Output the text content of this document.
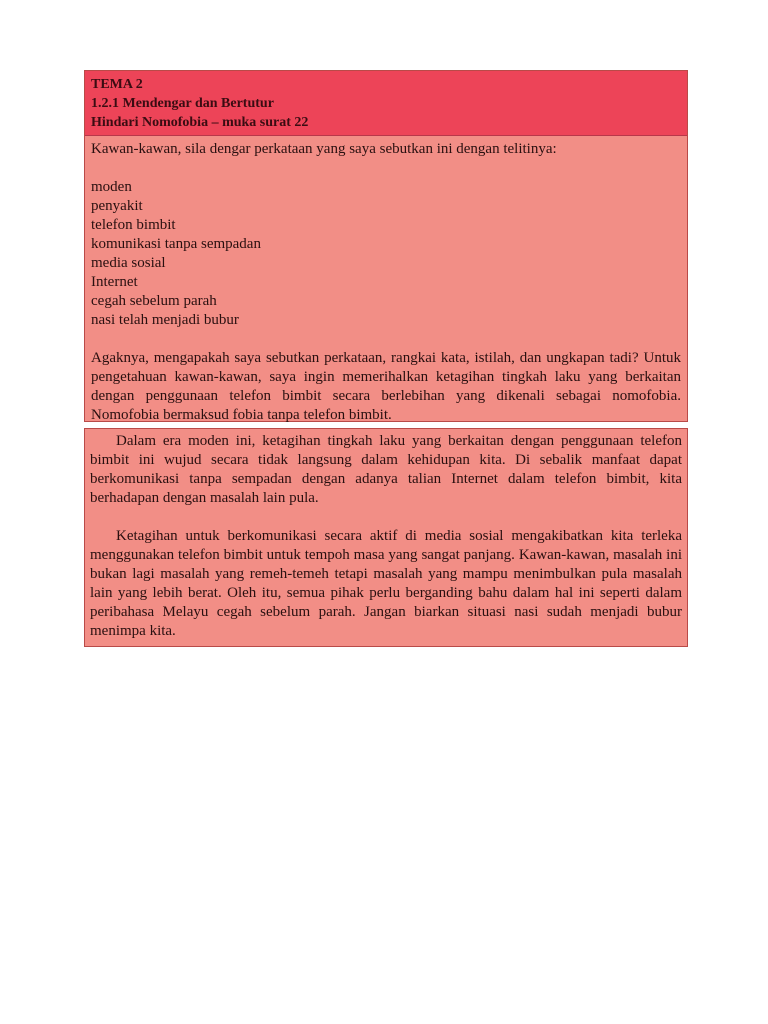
TEMA 2
1.2.1 Mendengar dan Bertutur
Hindari Nomofobia – muka surat 22

Kawan-kawan, sila dengar perkataan yang saya sebutkan ini dengan telitinya:

moden
penyakit
telefon bimbit
komunikasi tanpa sempadan
media sosial
Internet
cegah sebelum parah
nasi telah menjadi bubur

Agaknya, mengapakah saya sebutkan perkataan, rangkai kata, istilah, dan ungkapan tadi? Untuk pengetahuan kawan-kawan, saya ingin memerihalkan ketagihan tingkah laku yang berkaitan dengan penggunaan telefon bimbit secara berlebihan yang dikenali sebagai nomofobia. Nomofobia bermaksud fobia tanpa telefon bimbit.

Dalam era moden ini, ketagihan tingkah laku yang berkaitan dengan penggunaan telefon bimbit ini wujud secara tidak langsung dalam kehidupan kita. Di sebalik manfaat dapat berkomunikasi tanpa sempadan dengan adanya talian Internet dalam telefon bimbit, kita berhadapan dengan masalah lain pula.

Ketagihan untuk berkomunikasi secara aktif di media sosial mengakibatkan kita terleka menggunakan telefon bimbit untuk tempoh masa yang sangat panjang. Kawan-kawan, masalah ini bukan lagi masalah yang remeh-temeh tetapi masalah yang mampu menimbulkan pula masalah lain yang lebih berat. Oleh itu, semua pihak perlu berganding bahu dalam hal ini seperti dalam peribahasa Melayu cegah sebelum parah. Jangan biarkan situasi nasi sudah menjadi bubur menimpa kita.
